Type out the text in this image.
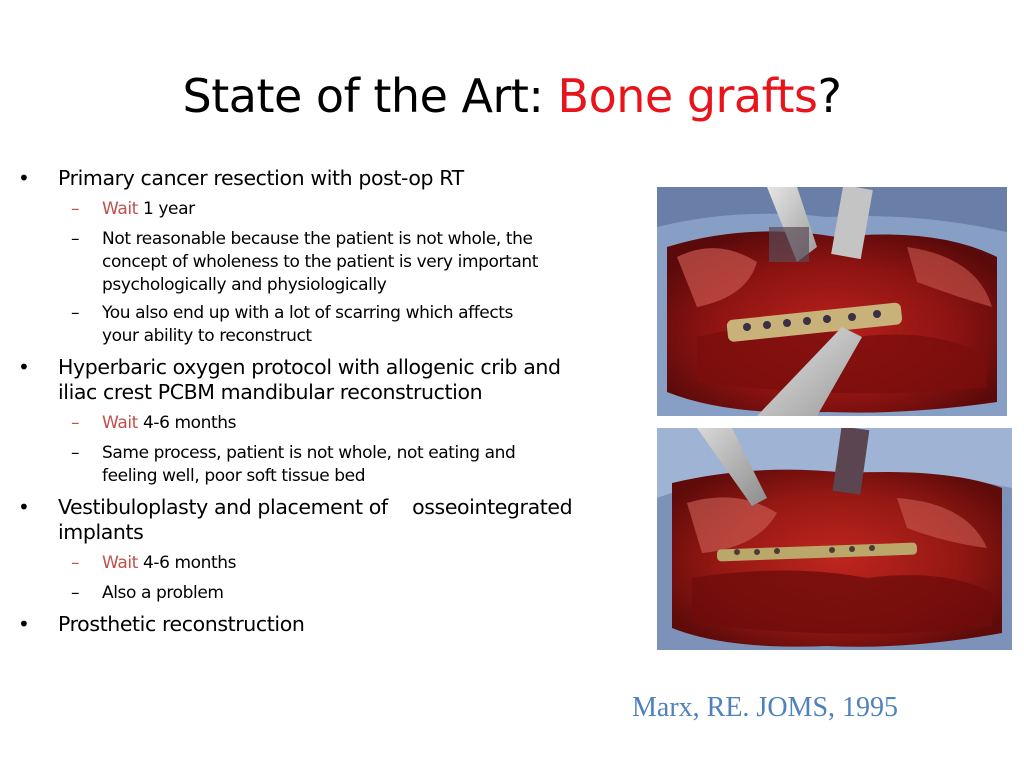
State of the Art: Bone grafts?
• Primary cancer resection with post-op RT
– Wait 1 year
– Not reasonable because the patient is not whole, the
concept of wholeness to the patient is very important
psychologically and physiologically
– You also end up with a lot of scarring which affects
your ability to reconstruct
• Hyperbaric oxygen protocol with allogenic crib and
iliac crest PCBM mandibular reconstruction
– Wait 4-6 months
– Same process, patient is not whole, not eating and
feeling well, poor soft tissue bed
• Vestibuloplasty and placement of    osseointegrated
implants
– Wait 4-6 months
– Also a problem
• Prosthetic reconstruction
Marx, RE. JOMS, 1995
